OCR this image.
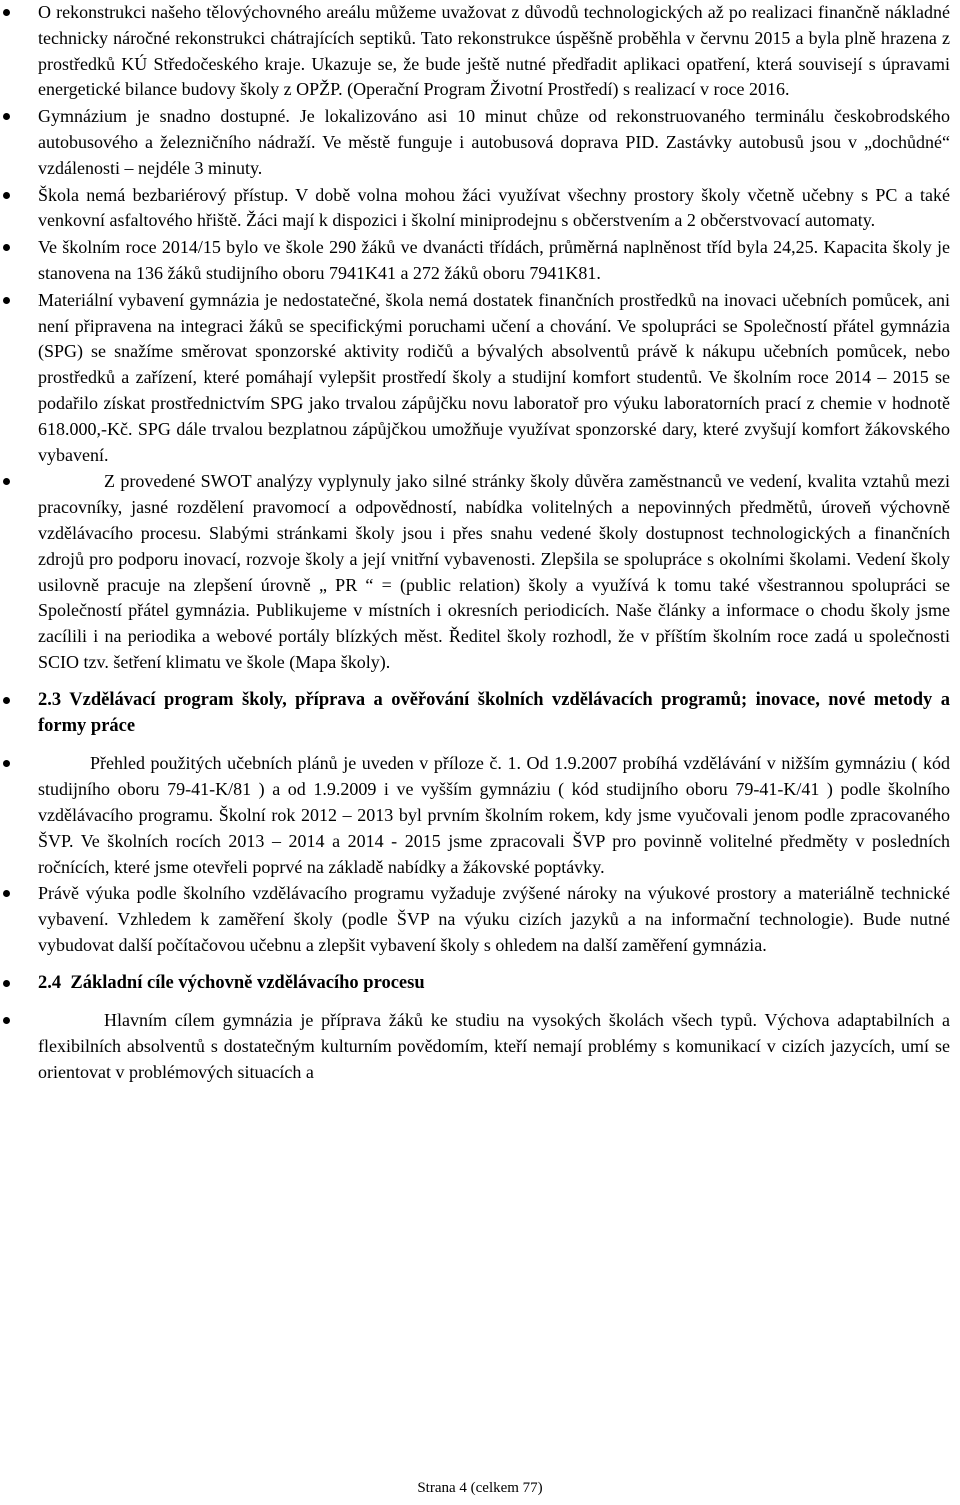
O rekonstrukci našeho tělovýchovného areálu můžeme uvažovat z důvodů technologických až po realizaci finančně nákladné technicky náročné rekonstrukci chátrajících septiků. Tato rekonstrukce úspěšně proběhla v červnu 2015 a byla plně hrazena z prostředků KÚ Středočeského kraje. Ukazuje se, že bude ještě nutné předřadit aplikaci opatření, která souvisejí s úpravami energetické bilance budovy školy z OPŽP. (Operační Program Životní Prostředí) s realizací v roce 2016.
Gymnázium je snadno dostupné. Je lokalizováno asi 10 minut chůze od rekonstruovaného terminálu českobrodského autobusového a železničního nádraží. Ve městě funguje i autobusová doprava PID. Zastávky autobusů jsou v „dochůdné“ vzdálenosti – nejdéle 3 minuty.
Škola nemá bezbariérový přístup. V době volna mohou žáci využívat všechny prostory školy včetně učebny s PC a také venkovní asfaltového hřiště. Žáci mají k dispozici i školní miniprodejnu s občerstvením a 2 občerstvovací automaty.
Ve školním roce 2014/15 bylo ve škole 290 žáků ve dvanácti třídách, průměrná naplněnost tříd byla 24,25. Kapacita školy je stanovena na 136 žáků studijního oboru 7941K41 a 272 žáků oboru 7941K81.
Materiální vybavení gymnázia je nedostatečné, škola nemá dostatek finančních prostředků na inovaci učebních pomůcek, ani není připravena na integraci žáků se specifickými poruchami učení a chování. Ve spolupráci se Společností přátel gymnázia (SPG) se snažíme směrovat sponzorské aktivity rodičů a bývalých absolventů právě k nákupu učebních pomůcek, nebo prostředků a zařízení, které pomáhají vylepšit prostředí školy a studijní komfort studentů. Ve školním roce 2014 – 2015 se podařilo získat prostřednictvím SPG jako trvalou zápůjčku novu laboratoř pro výuku laboratorních prací z chemie v hodnotě 618.000,-Kč. SPG dále trvalou bezplatnou zápůjčkou umožňuje využívat sponzorské dary, které zvyšují komfort žákovského vybavení.
Z provedené SWOT analýzy vyplynuly jako silné stránky školy důvěra zaměstnanců ve vedení, kvalita vztahů mezi pracovníky, jasné rozdělení pravomocí a odpovědností, nabídka volitelných a nepovinných předmětů, úroveň výchovně vzdělávacího procesu. Slabými stránkami školy jsou i přes snahu vedené školy dostupnost technologických a finančních zdrojů pro podporu inovací, rozvoje školy a její vnitřní vybavenosti. Zlepšila se spolupráce s okolními školami. Vedení školy usilovně pracuje na zlepšení úrovně „ PR “ = (public relation) školy a využívá k tomu také všestrannou spolupráci se Společností přátel gymnázia. Publikujeme v místních i okresních periodicích. Naše články a informace o chodu školy jsme zacílili i na periodika a webové portály blízkých měst. Ředitel školy rozhodl, že v příštím školním roce zadá u společnosti SCIO tzv. šetření klimatu ve škole (Mapa školy).
2.3 Vzdělávací program školy, příprava a ověřování školních vzdělávacích programů; inovace, nové metody a formy práce
Přehled použitých učebních plánů je uveden v příloze č. 1. Od 1.9.2007 probíhá vzdělávání v nižším gymnáziu ( kód studijního oboru 79-41-K/81 ) a od 1.9.2009 i ve vyšším gymnáziu ( kód studijního oboru 79-41-K/41 ) podle školního vzdělávacího programu. Školní rok 2012 – 2013 byl prvním školním rokem, kdy jsme vyučovali jenom podle zpracovaného ŠVP. Ve školních rocích 2013 – 2014 a 2014 - 2015 jsme zpracovali ŠVP pro povinně volitelné předměty v posledních ročnících, které jsme otevřeli poprvé na základě nabídky a žákovské poptávky.
Právě výuka podle školního vzdělávacího programu vyžaduje zvýšené nároky na výukové prostory a materiálně technické vybavení. Vzhledem k zaměření školy (podle ŠVP na výuku cizích jazyků a na informační technologie). Bude nutné vybudovat další počítačovou učebnu a zlepšit vybavení školy s ohledem na další zaměření gymnázia.
2.4 Základní cíle výchovně vzdělávacího procesu
Hlavním cílem gymnázia je příprava žáků ke studiu na vysokých školách všech typů. Výchova adaptabilních a flexibilních absolventů s dostatečným kulturním povědomím, kteří nemají problémy s komunikací v cizích jazycích, umí se orientovat v problémových situacích a
Strana 4 (celkem 77)
